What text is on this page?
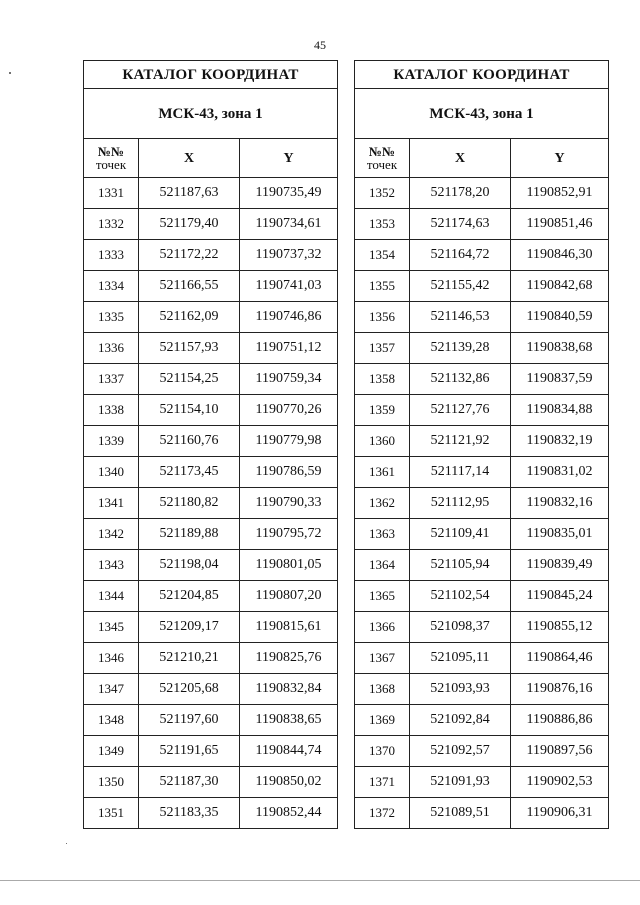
45
КАТАЛОГ КООРДИНАТ		
МСК-43, зона 1		

№№
точек	X	Y
1331	521187,63	1190735,49
1332	521179,40	1190734,61
1333	521172,22	1190737,32
1334	521166,55	1190741,03
1335	521162,09	1190746,86
1336	521157,93	1190751,12
1337	521154,25	1190759,34
1338	521154,10	1190770,26
1339	521160,76	1190779,98
1340	521173,45	1190786,59
1341	521180,82	1190790,33
1342	521189,88	1190795,72
1343	521198,04	1190801,05
1344	521204,85	1190807,20
1345	521209,17	1190815,61
1346	521210,21	1190825,76
1347	521205,68	1190832,84
1348	521197,60	1190838,65
1349	521191,65	1190844,74
1350	521187,30	1190850,02
1351	521183,35	1190852,44
КАТАЛОГ КООРДИНАТ		
МСК-43, зона 1		

№№
точек	X	Y
1352	521178,20	1190852,91
1353	521174,63	1190851,46
1354	521164,72	1190846,30
1355	521155,42	1190842,68
1356	521146,53	1190840,59
1357	521139,28	1190838,68
1358	521132,86	1190837,59
1359	521127,76	1190834,88
1360	521121,92	1190832,19
1361	521117,14	1190831,02
1362	521112,95	1190832,16
1363	521109,41	1190835,01
1364	521105,94	1190839,49
1365	521102,54	1190845,24
1366	521098,37	1190855,12
1367	521095,11	1190864,46
1368	521093,93	1190876,16
1369	521092,84	1190886,86
1370	521092,57	1190897,56
1371	521091,93	1190902,53
1372	521089,51	1190906,31
